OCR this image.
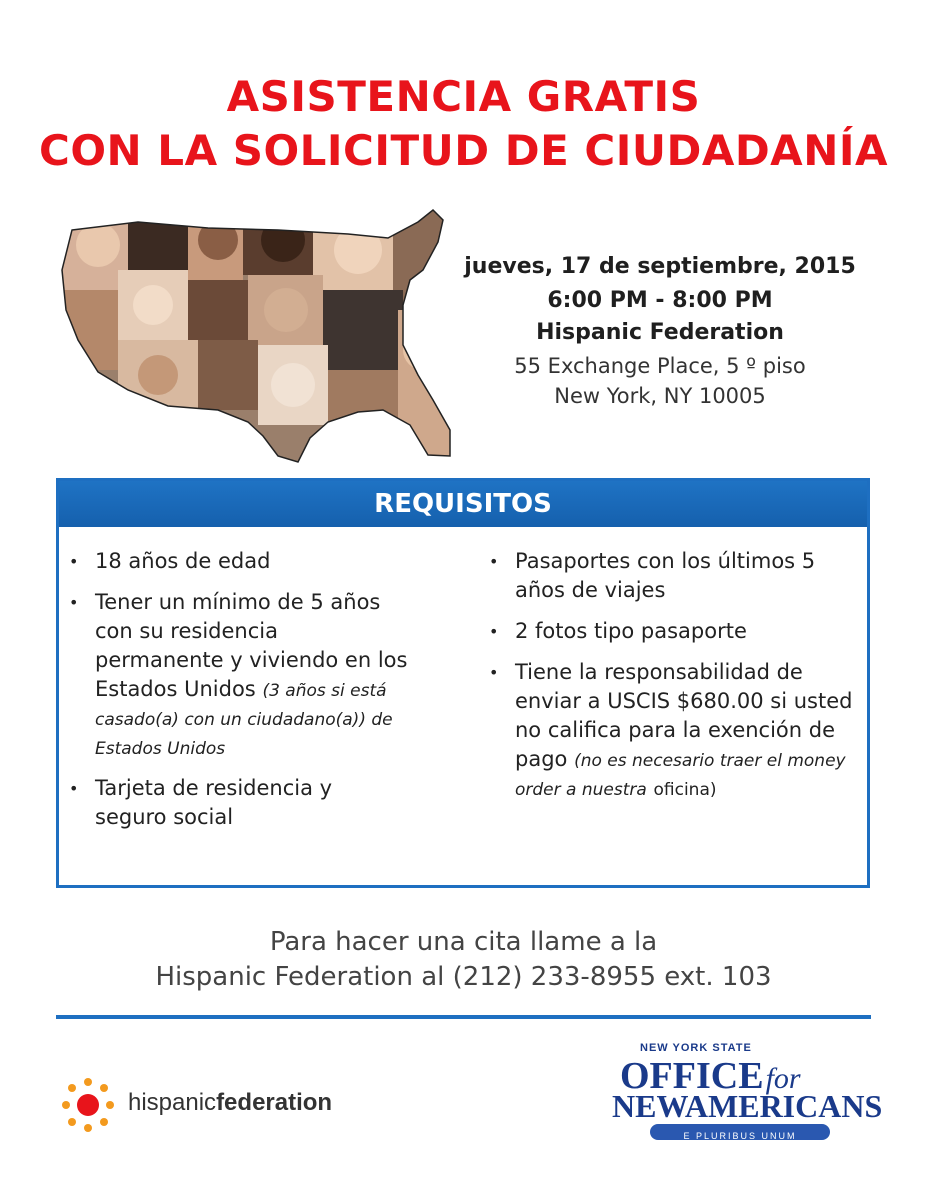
ASISTENCIA GRATIS
CON LA SOLICITUD DE CIUDADANÍA
jueves, 17 de septiembre, 2015
6:00 PM - 8:00 PM
Hispanic Federation
55 Exchange Place, 5 º piso
New York, NY 10005
REQUISITOS
• 18 años de edad
• Tener un mínimo de 5 años con su residencia permanente y viviendo en los Estados Unidos (3 años si está casado(a) con un ciudadano(a)) de Estados Unidos
• Tarjeta de residencia y seguro social
• Pasaportes con los últimos 5 años de viajes
• 2 fotos tipo pasaporte
• Tiene la responsabilidad de enviar a USCIS $680.00 si usted no califica para la exención de pago (no es necesario traer el money order a nuestra oficina)
Para hacer una cita llame a la
Hispanic Federation al (212) 233-8955 ext. 103
hispanicfederation
NEW YORK STATE
OFFICEfor
NEWAMERICANS
E PLURIBUS UNUM
